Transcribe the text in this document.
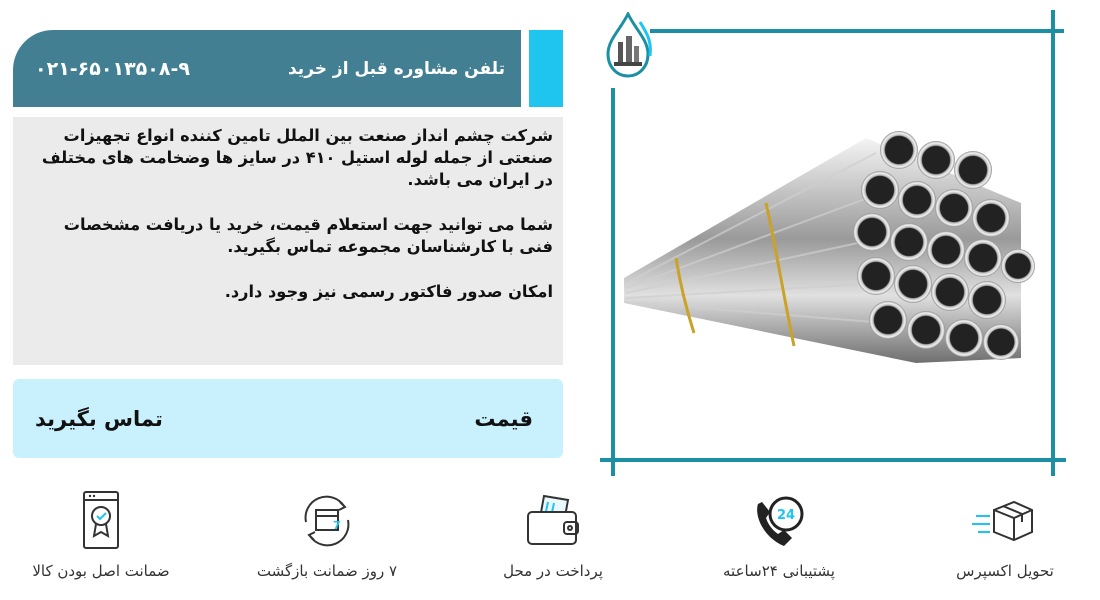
تلفن مشاوره قبل از خرید
۰۲۱-۶۵۰۱۳۵۰۸-۹

شرکت چشم انداز صنعت بین الملل تامین کننده انواع تجهیزات صنعتی از جمله لوله استیل ۴۱۰ در سایز ها وضخامت های مختلف در ایران می باشد.

شما می توانید جهت استعلام قیمت، خرید یا دریافت مشخصات فنی با کارشناسان مجموعه تماس بگیرید.

امکان صدور فاکتور رسمی نیز وجود دارد.

قیمت
تماس بگیرید
تحویل اکسپرس
24
پشتیبانی ۲۴ساعته
پرداخت در محل
7
۷ روز ضمانت بازگشت
ضمانت اصل بودن کالا
